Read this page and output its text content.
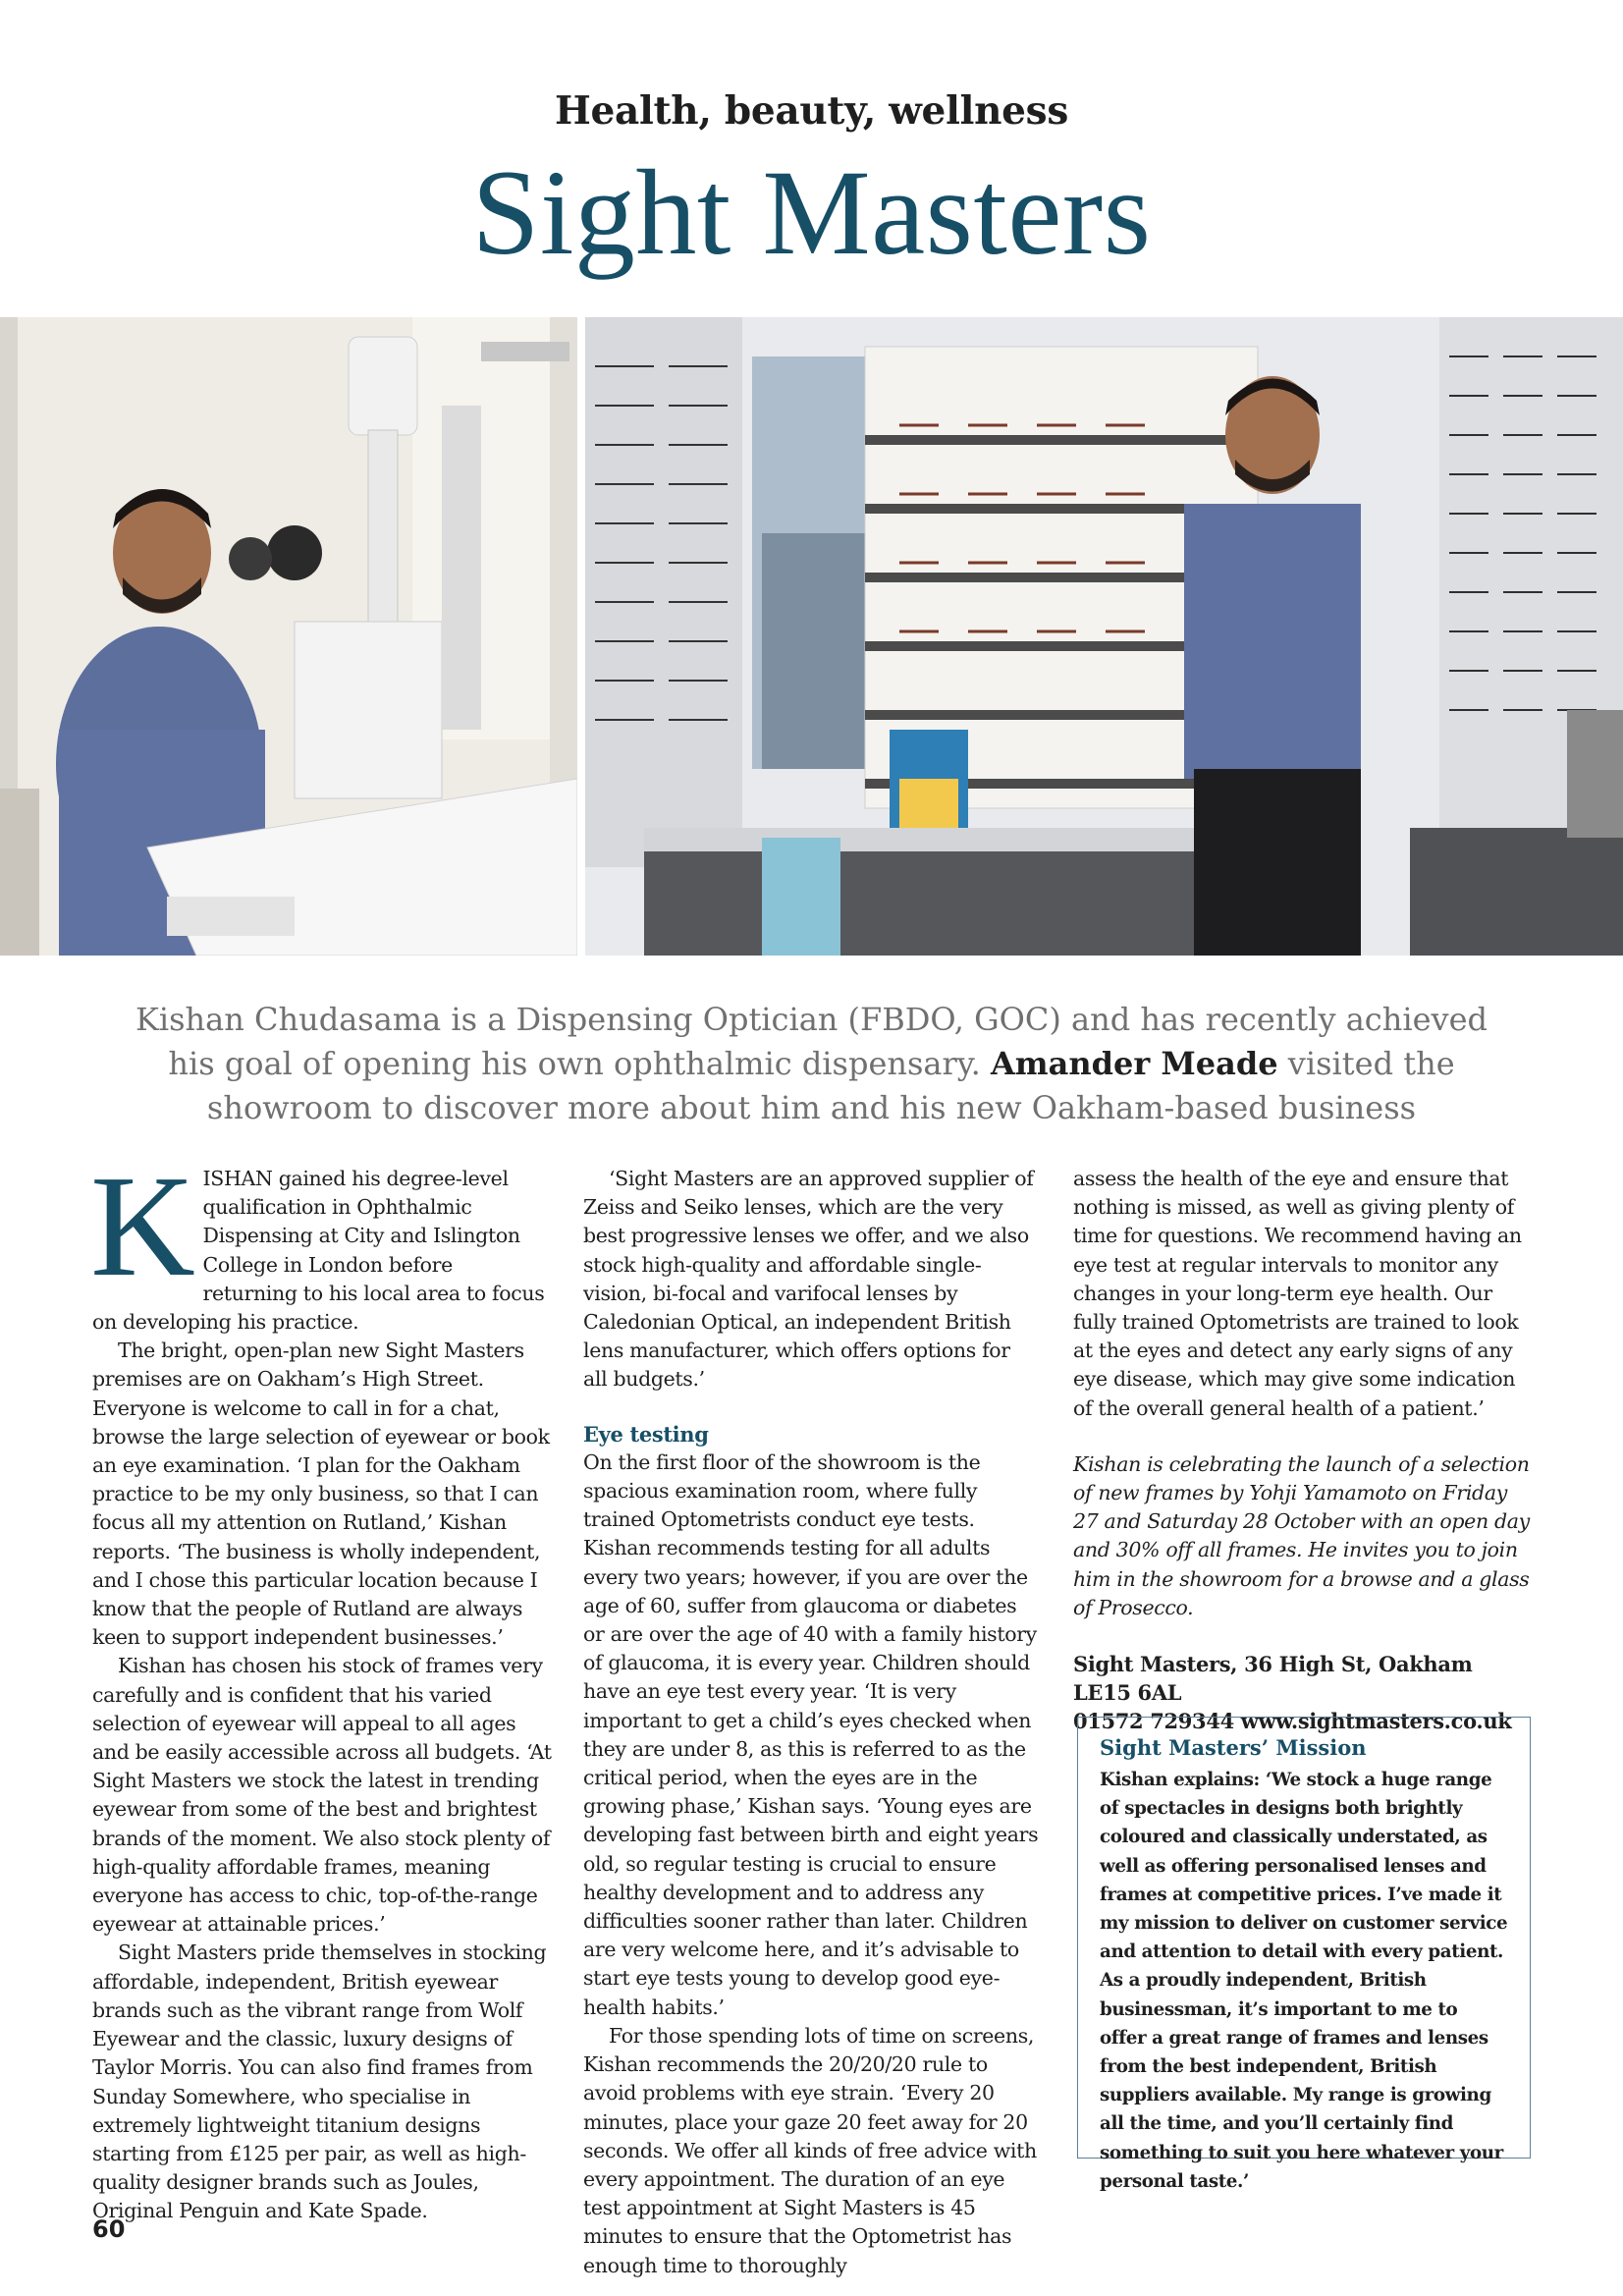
Health, beauty, wellness
Sight Masters
Kishan Chudasama is a Dispensing Optician (FBDO, GOC) and has recently achieved his goal of opening his own ophthalmic dispensary. Amander Meade visited the showroom to discover more about him and his new Oakham-based business

KISHAN gained his degree-level qualification in Ophthalmic Dispensing at City and Islington College in London before returning to his local area to focus on developing his practice.

The bright, open-plan new Sight Masters premises are on Oakham’s High Street. Everyone is welcome to call in for a chat, browse the large selection of eyewear or book an eye examination. ‘I plan for the Oakham practice to be my only business, so that I can focus all my attention on Rutland,’ Kishan reports. ‘The business is wholly independent, and I chose this particular location because I know that the people of Rutland are always keen to support independent businesses.’

Kishan has chosen his stock of frames very carefully and is confident that his varied selection of eyewear will appeal to all ages and be easily accessible across all budgets. ‘At Sight Masters we stock the latest in trending eyewear from some of the best and brightest brands of the moment. We also stock plenty of high-quality affordable frames, meaning everyone has access to chic, top-of-the-range eyewear at attainable prices.’

Sight Masters pride themselves in stocking affordable, independent, British eyewear brands such as the vibrant range from Wolf Eyewear and the classic, luxury designs of Taylor Morris. You can also find frames from Sunday Somewhere, who specialise in extremely lightweight titanium designs starting from £125 per pair, as well as high-quality designer brands such as Joules, Original Penguin and Kate Spade.

‘Sight Masters are an approved supplier of Zeiss and Seiko lenses, which are the very best progressive lenses we offer, and we also stock high-quality and affordable single-vision, bi-focal and varifocal lenses by Caledonian Optical, an independent British lens manufacturer, which offers options for all budgets.’

Eye testing

On the first floor of the showroom is the spacious examination room, where fully trained Optometrists conduct eye tests. Kishan recommends testing for all adults every two years; however, if you are over the age of 60, suffer from glaucoma or diabetes or are over the age of 40 with a family history of glaucoma, it is every year. Children should have an eye test every year. ‘It is very important to get a child’s eyes checked when they are under 8, as this is referred to as the critical period, when the eyes are in the growing phase,’ Kishan says. ‘Young eyes are developing fast between birth and eight years old, so regular testing is crucial to ensure healthy development and to address any difficulties sooner rather than later. Children are very welcome here, and it’s advisable to start eye tests young to develop good eye-health habits.’

For those spending lots of time on screens, Kishan recommends the 20/20/20 rule to avoid problems with eye strain. ‘Every 20 minutes, place your gaze 20 feet away for 20 seconds. We offer all kinds of free advice with every appointment. The duration of an eye test appointment at Sight Masters is 45 minutes to ensure that the Optometrist has enough time to thoroughly

assess the health of the eye and ensure that nothing is missed, as well as giving plenty of time for questions. We recommend having an eye test at regular intervals to monitor any changes in your long-term eye health. Our fully trained Optometrists are trained to look at the eyes and detect any early signs of any eye disease, which may give some indication of the overall general health of a patient.’

Kishan is celebrating the launch of a selection of new frames by Yohji Yamamoto on Friday 27 and Saturday 28 October with an open day and 30% off all frames. He invites you to join him in the showroom for a browse and a glass of Prosecco.

Sight Masters, 36 High St, Oakham LE15 6AL

01572 729344 www.sightmasters.co.uk

Sight Masters’ Mission

Kishan explains: ‘We stock a huge range of spectacles in designs both brightly coloured and classically understated, as well as offering personalised lenses and frames at competitive prices. I’ve made it my mission to deliver on customer service and attention to detail with every patient. As a proudly independent, British businessman, it’s important to me to offer a great range of frames and lenses from the best independent, British suppliers available. My range is growing all the time, and you’ll certainly find something to suit you here whatever your personal taste.’

60
